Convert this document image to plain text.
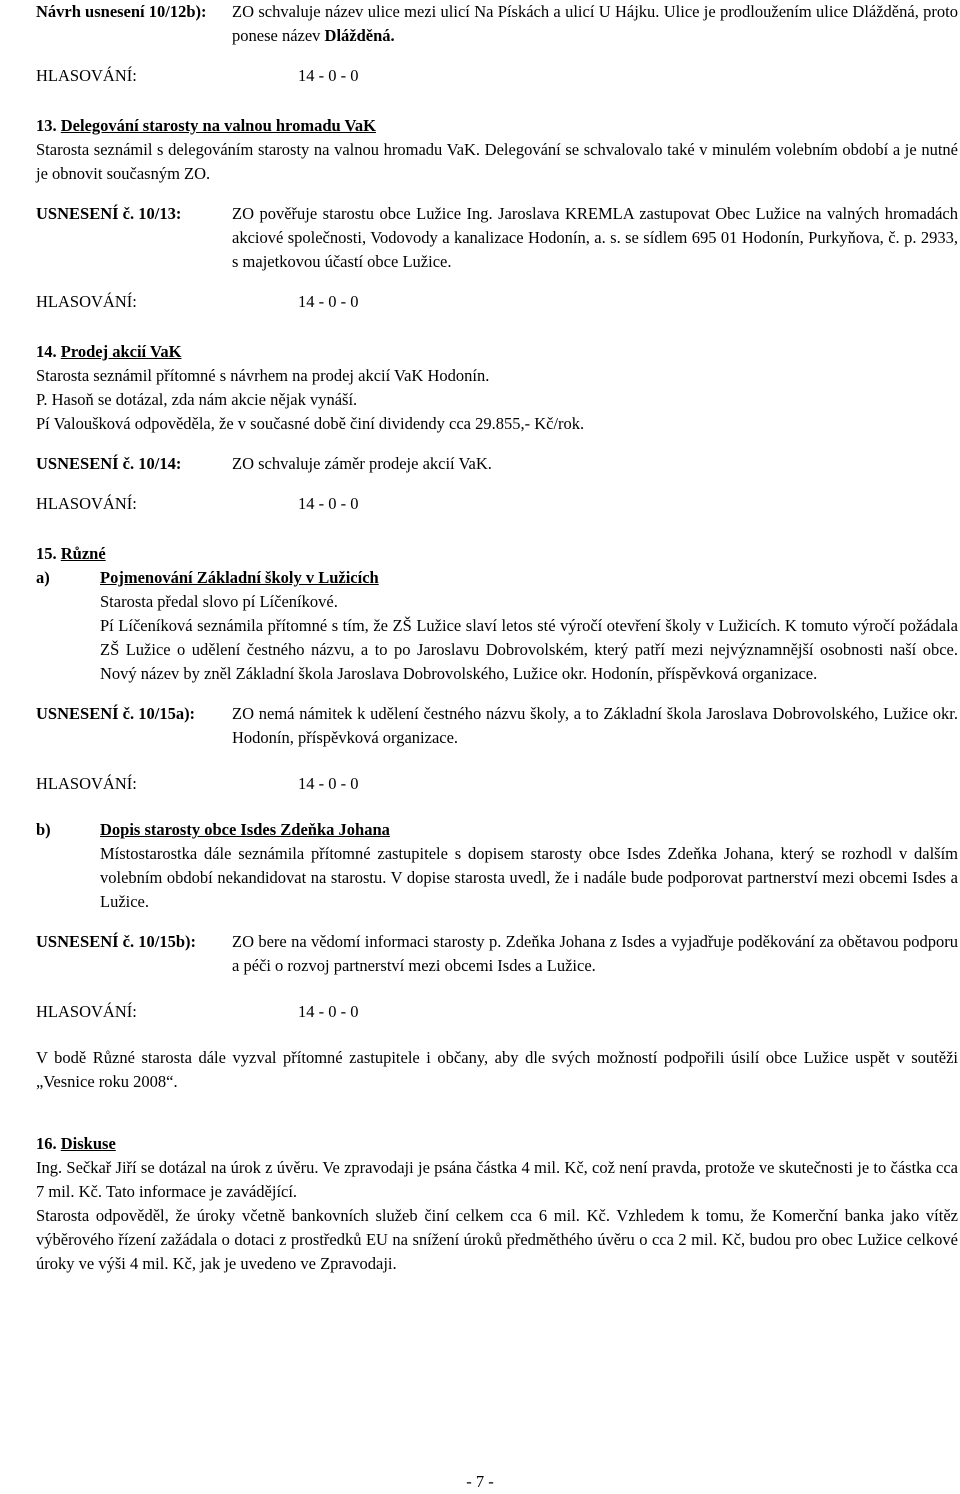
Návrh usnesení 10/12b):	ZO schvaluje název ulice mezi ulicí Na Pískách a ulicí U Hájku. Ulice je prodloužením ulice Dlážděná, proto ponese název Dlážděná.
HLASOVÁNÍ:	14 - 0 - 0

13. Delegování starosty na valnou hromadu VaK

Starosta seznámil s delegováním starosty na valnou hromadu VaK. Delegování se schvalovalo také v minulém volebním období a je nutné je obnovit současným ZO.

USNESENÍ č. 10/13:	ZO pověřuje starostu obce Lužice Ing. Jaroslava KREMLA zastupovat Obec Lužice na valných hromadách akciové společnosti, Vodovody a kanalizace Hodonín, a. s. se sídlem 695 01 Hodonín, Purkyňova, č. p. 2933, s majetkovou účastí obce Lužice.
HLASOVÁNÍ:	14 - 0 - 0

14. Prodej akcií VaK

Starosta seznámil přítomné s návrhem na prodej akcií VaK Hodonín.

P. Hasoň se dotázal, zda nám akcie nějak vynáší.

Pí Valoušková odpověděla, že v současné době činí dividendy cca 29.855,- Kč/rok.

USNESENÍ č. 10/14:	ZO schvaluje záměr prodeje akcií VaK.
HLASOVÁNÍ:	14 - 0 - 0

15. Různé

a)	Pojmenování Základní školy v Lužicích

Starosta předal slovo pí Líčeníkové.

Pí Líčeníková seznámila přítomné s tím, že ZŠ Lužice slaví letos sté výročí otevření školy v Lužicích. K tomuto výročí požádala ZŠ Lužice o udělení čestného názvu, a to po Jaroslavu Dobrovolském, který patří mezi nejvýznamnější osobnosti naší obce. Nový název by zněl Základní škola Jaroslava Dobrovolského, Lužice okr. Hodonín, příspěvková organizace.

USNESENÍ č. 10/15a):	ZO nemá námitek k udělení čestného názvu školy, a to Základní škola Jaroslava Dobrovolského, Lužice okr. Hodonín, příspěvková organizace.
HLASOVÁNÍ:	14 - 0 - 0
b)	Dopis starosty obce Isdes Zdeňka Johana

Místostarostka dále seznámila přítomné zastupitele s dopisem starosty obce Isdes Zdeňka Johana, který se rozhodl v dalším volebním období nekandidovat na starostu. V dopise starosta uvedl, že i nadále bude podporovat partnerství mezi obcemi Isdes a Lužice.

USNESENÍ č. 10/15b):	ZO bere na vědomí informaci starosty p. Zdeňka Johana z Isdes a vyjadřuje poděkování za obětavou podporu a péči o rozvoj partnerství mezi obcemi Isdes a Lužice.
HLASOVÁNÍ:	14 - 0 - 0

V bodě Různé starosta dále vyzval přítomné zastupitele i občany, aby dle svých možností podpořili úsilí obce Lužice uspět v soutěži „Vesnice roku 2008“.

16. Diskuse

Ing. Sečkař Jiří se dotázal na úrok z úvěru. Ve zpravodaji je psána částka 4 mil. Kč, což není pravda, protože ve skutečnosti je to částka cca 7 mil. Kč. Tato informace je zavádějící.

Starosta odpověděl, že úroky včetně bankovních služeb činí celkem cca 6 mil. Kč. Vzhledem k tomu, že Komerční banka jako vítěz výběrového řízení zažádala o dotaci z prostředků EU na snížení úroků předměthého úvěru o cca 2 mil. Kč, budou pro obec Lužice celkové úroky ve výši 4 mil. Kč, jak je uvedeno ve Zpravodaji.

- 7 -
